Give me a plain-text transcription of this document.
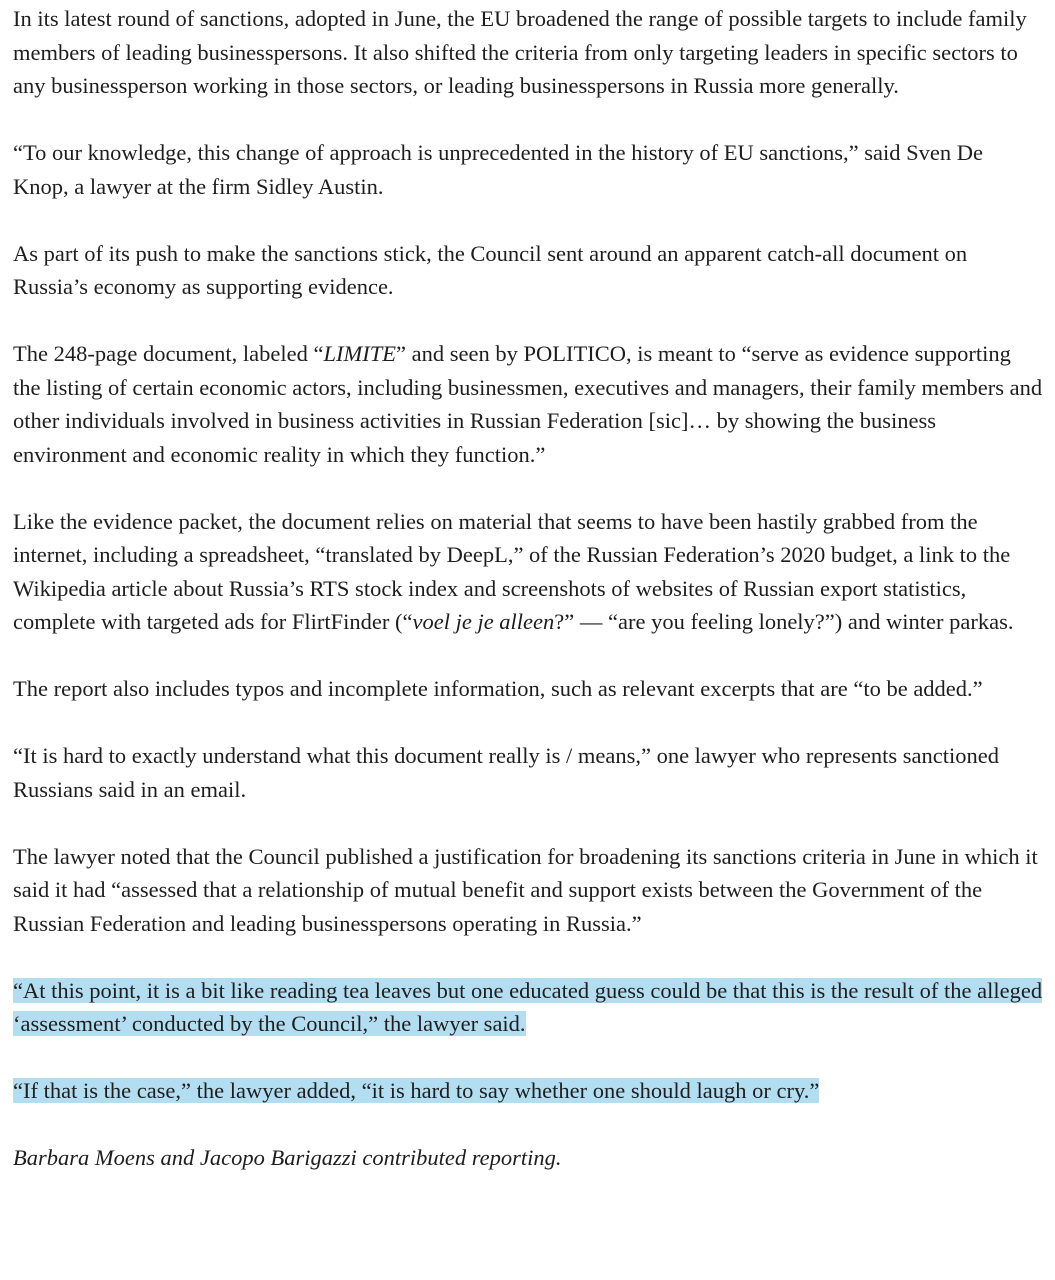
In its latest round of sanctions, adopted in June, the EU broadened the range of possible targets to include family members of leading businesspersons. It also shifted the criteria from only targeting leaders in specific sectors to any businessperson working in those sectors, or leading businesspersons in Russia more generally.

“To our knowledge, this change of approach is unprecedented in the history of EU sanctions,” said Sven De Knop, a lawyer at the firm Sidley Austin.

As part of its push to make the sanctions stick, the Council sent around an apparent catch-all document on Russia’s economy as supporting evidence.

The 248-page document, labeled “LIMITE” and seen by POLITICO, is meant to “serve as evidence supporting the listing of certain economic actors, including businessmen, executives and managers, their family members and other individuals involved in business activities in Russian Federation [sic]… by showing the business environment and economic reality in which they function.”

Like the evidence packet, the document relies on material that seems to have been hastily grabbed from the internet, including a spreadsheet, “translated by DeepL,” of the Russian Federation’s 2020 budget, a link to the Wikipedia article about Russia’s RTS stock index and screenshots of websites of Russian export statistics, complete with targeted ads for FlirtFinder (“voel je je alleen?” — “are you feeling lonely?”) and winter parkas.

The report also includes typos and incomplete information, such as relevant excerpts that are “to be added.”

“It is hard to exactly understand what this document really is / means,” one lawyer who represents sanctioned Russians said in an email.

The lawyer noted that the Council published a justification for broadening its sanctions criteria in June in which it said it had “assessed that a relationship of mutual benefit and support exists between the Government of the Russian Federation and leading businesspersons operating in Russia.”

“At this point, it is a bit like reading tea leaves but one educated guess could be that this is the result of the alleged ‘assessment’ conducted by the Council,” the lawyer said.

“If that is the case,” the lawyer added, “it is hard to say whether one should laugh or cry.”

Barbara Moens and Jacopo Barigazzi contributed reporting.
